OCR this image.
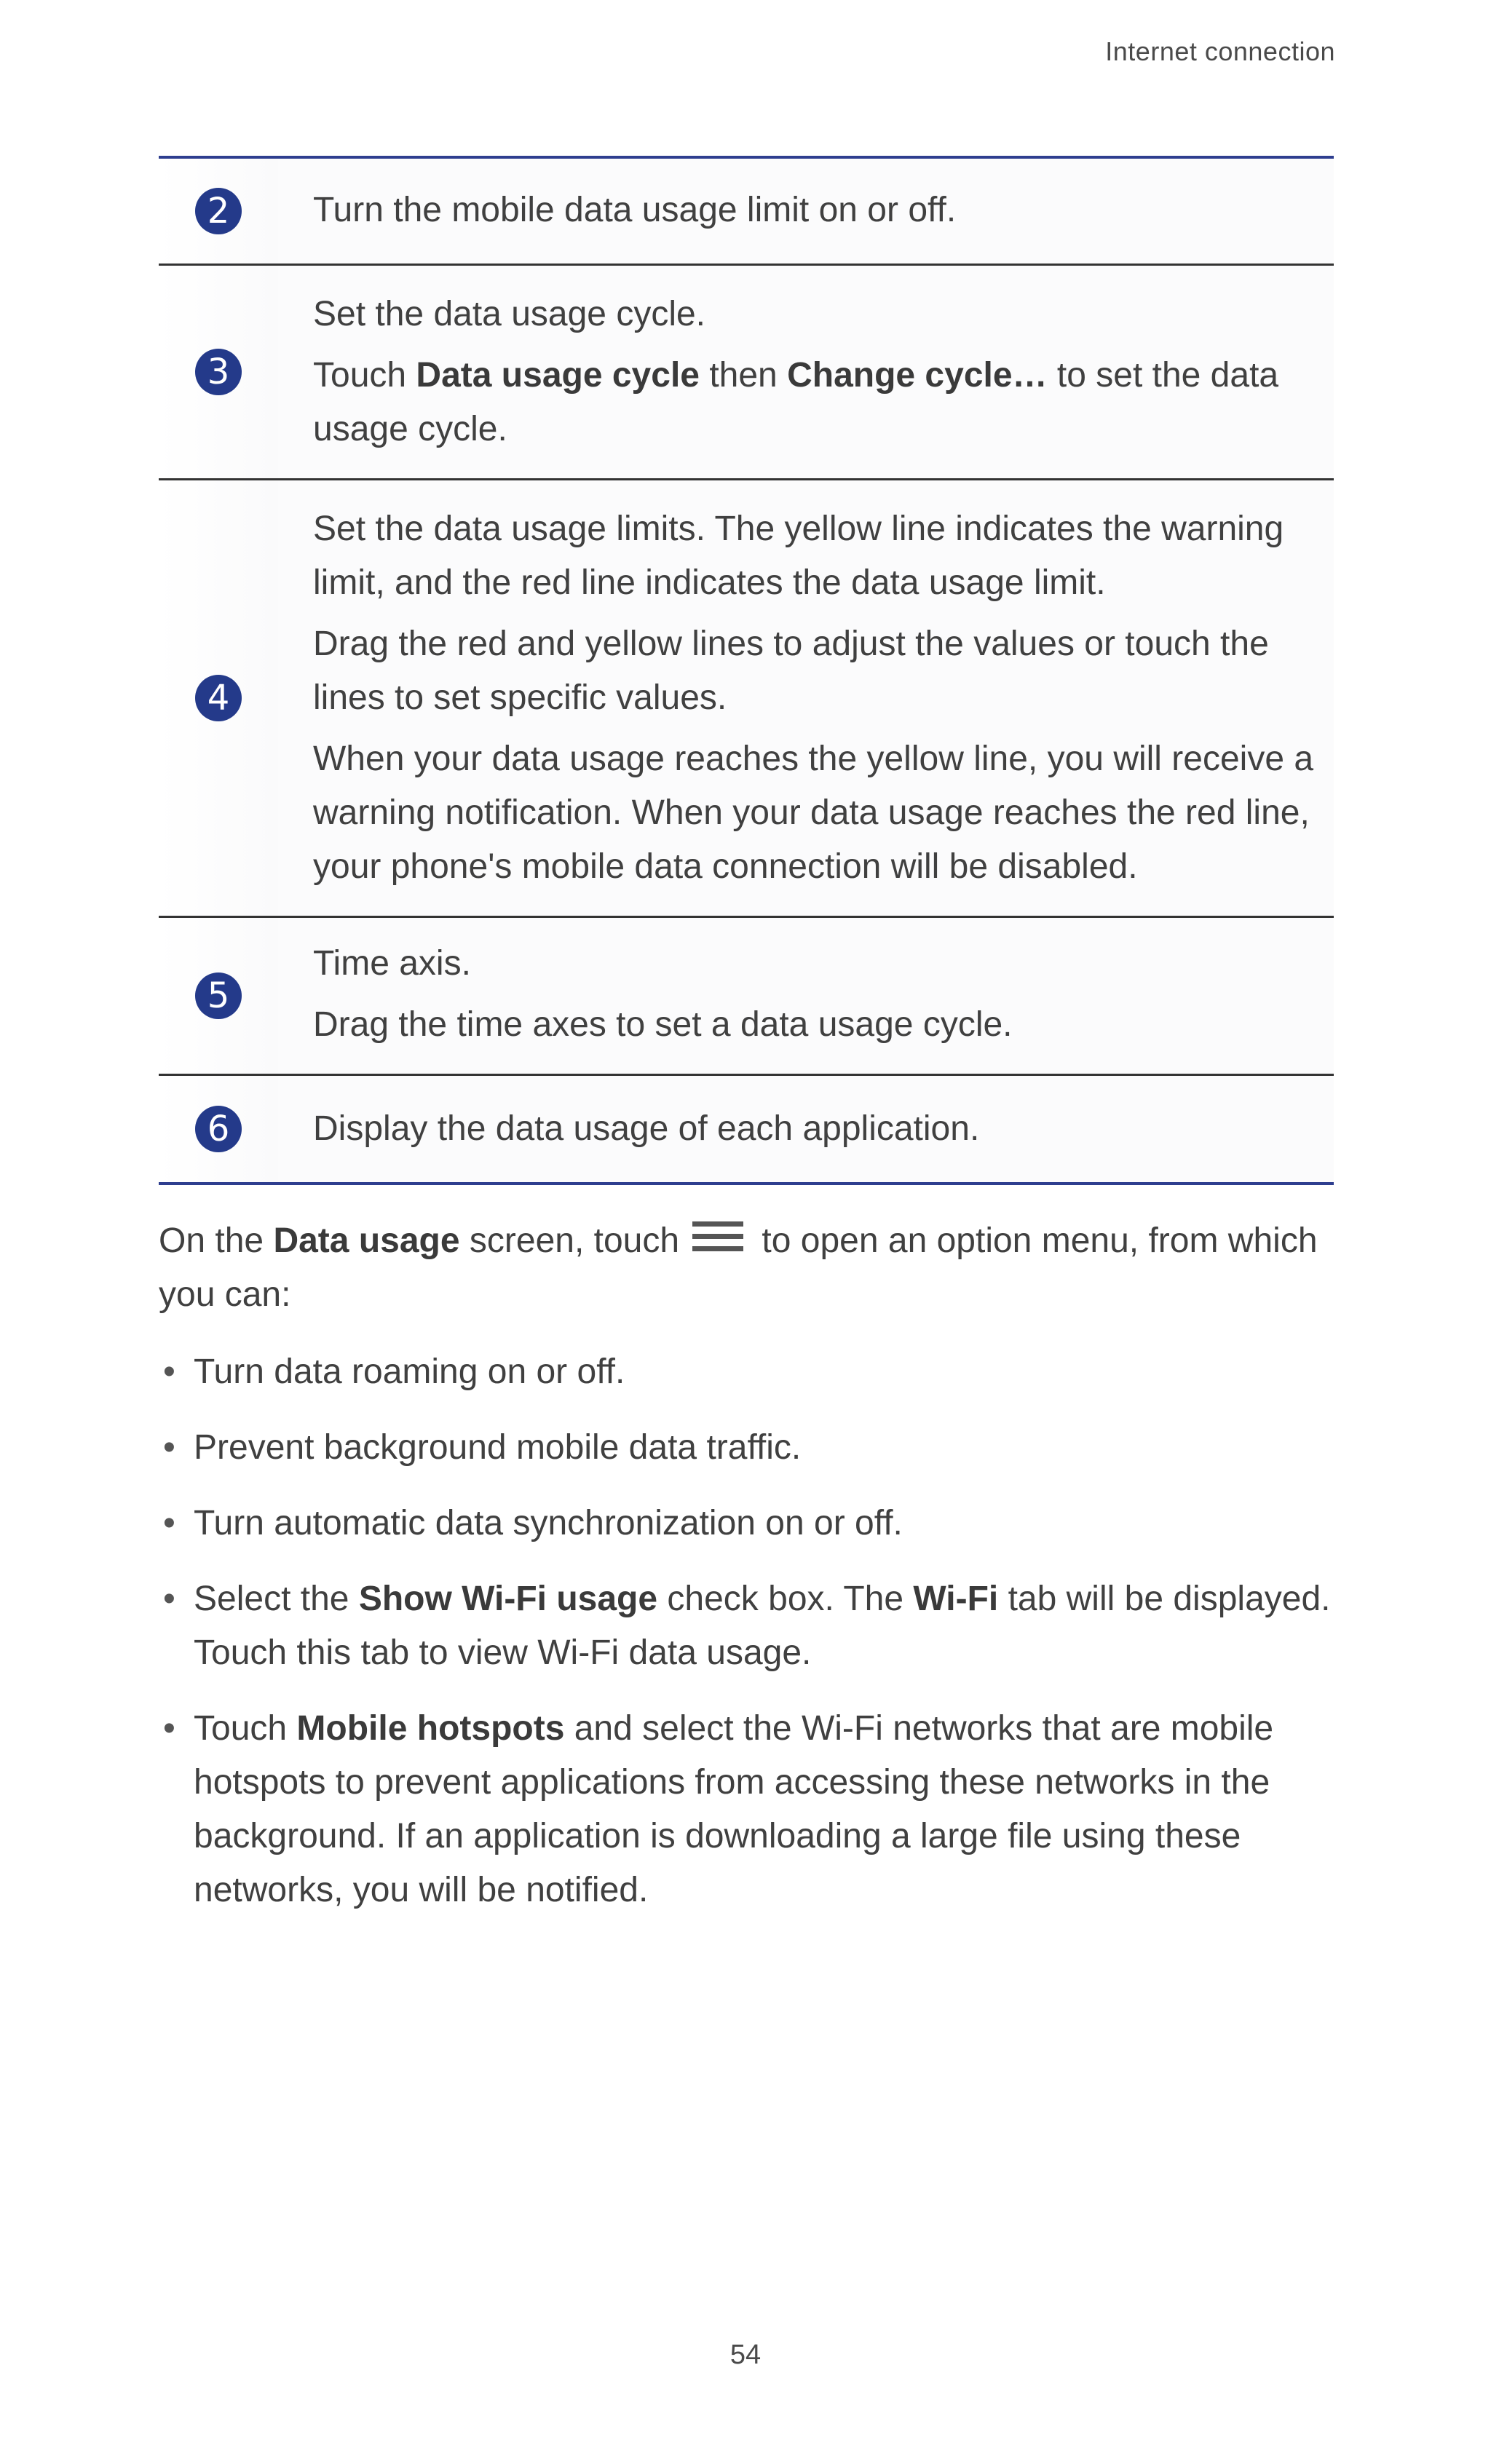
Internet connection
2	Turn the mobile data usage limit on or off.

3

Set the data usage cycle.

Touch Data usage cycle then Change cycle… to set the data usage cycle.

4

Set the data usage limits. The yellow line indicates the warning limit, and the red line indicates the data usage limit.

Drag the red and yellow lines to adjust the values or touch the lines to set specific values.

When your data usage reaches the yellow line, you will receive a warning notification. When your data usage reaches the red line, your phone's mobile data connection will be disabled.

5

Time axis.

Drag the time axes to set a data usage cycle.

6	Display the data usage of each application.

On the Data usage screen, touch to open an option menu, from which you can:
• Turn data roaming on or off.
• Prevent background mobile data traffic.
• Turn automatic data synchronization on or off.
• Select the Show Wi-Fi usage check box. The Wi-Fi tab will be displayed. Touch this tab to view Wi-Fi data usage.
• Touch Mobile hotspots and select the Wi-Fi networks that are mobile hotspots to prevent applications from accessing these networks in the background. If an application is downloading a large file using these networks, you will be notified.
54
